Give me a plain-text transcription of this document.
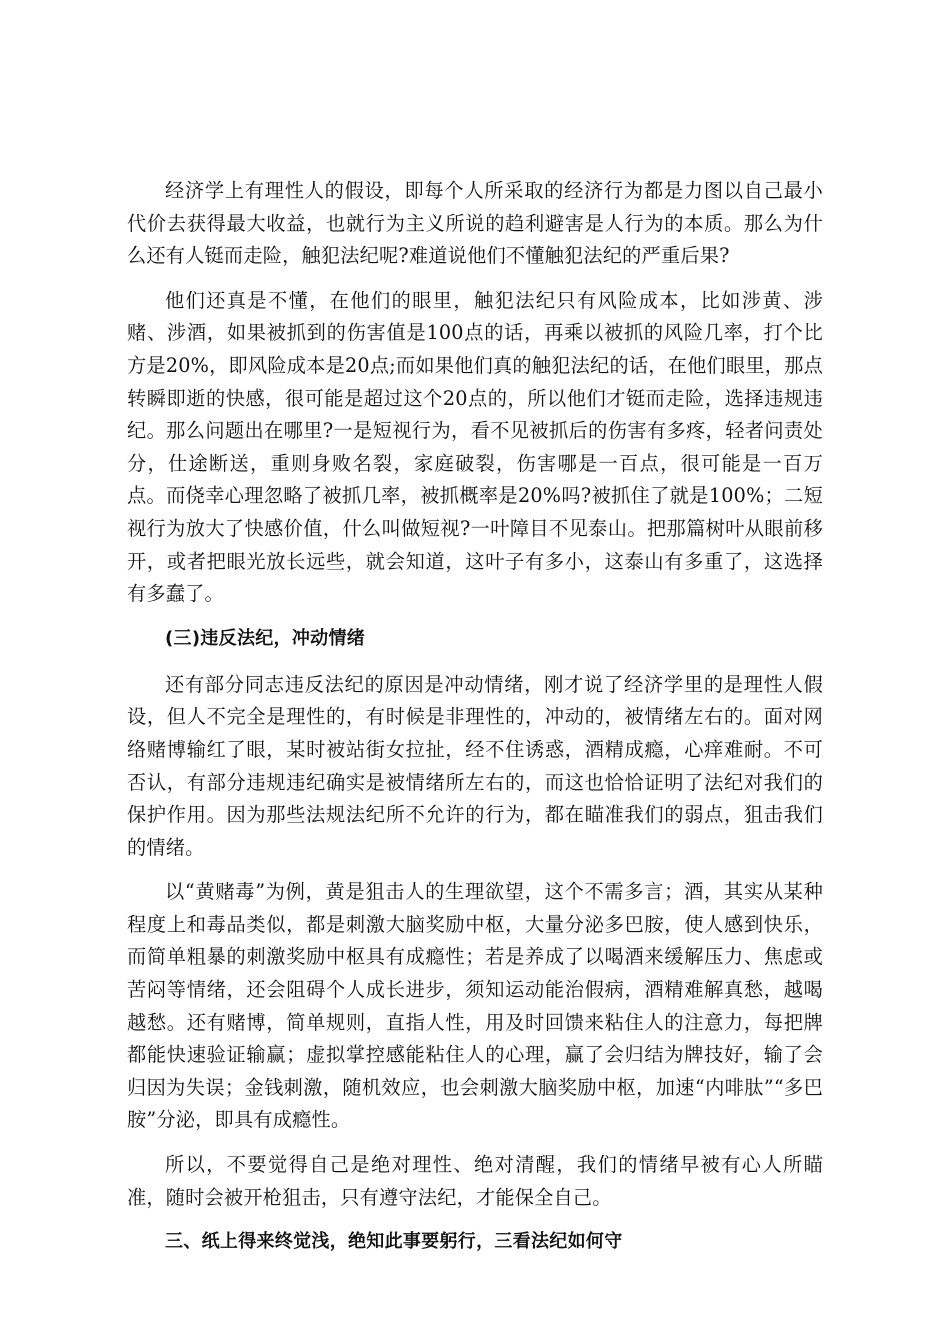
经济学上有理性人的假设，即每个人所采取的经济行为都是力图以自己最小代价去获得最大收益，也就行为主义所说的趋利避害是人行为的本质。那么为什么还有人铤而走险，触犯法纪呢?难道说他们不懂触犯法纪的严重后果?

他们还真是不懂，在他们的眼里，触犯法纪只有风险成本，比如涉黄、涉赌、涉酒，如果被抓到的伤害值是100点的话，再乘以被抓的风险几率，打个比方是20%，即风险成本是20点;而如果他们真的触犯法纪的话，在他们眼里，那点转瞬即逝的快感，很可能是超过这个20点的，所以他们才铤而走险，选择违规违纪。那么问题出在哪里?一是短视行为，看不见被抓后的伤害有多疼，轻者问责处分，仕途断送，重则身败名裂，家庭破裂，伤害哪是一百点，很可能是一百万点。而侥幸心理忽略了被抓几率，被抓概率是20%吗?被抓住了就是100%；二短视行为放大了快感价值，什么叫做短视?一叶障目不见泰山。把那篇树叶从眼前移开，或者把眼光放长远些，就会知道，这叶子有多小，这泰山有多重了，这选择有多蠢了。

(三)违反法纪，冲动情绪

还有部分同志违反法纪的原因是冲动情绪，刚才说了经济学里的是理性人假设，但人不完全是理性的，有时候是非理性的，冲动的，被情绪左右的。面对网络赌博输红了眼，某时被站街女拉扯，经不住诱惑，酒精成瘾，心痒难耐。不可否认，有部分违规违纪确实是被情绪所左右的，而这也恰恰证明了法纪对我们的保护作用。因为那些法规法纪所不允许的行为，都在瞄准我们的弱点，狙击我们的情绪。

以“黄赌毒”为例，黄是狙击人的生理欲望，这个不需多言；酒，其实从某种程度上和毒品类似，都是刺激大脑奖励中枢，大量分泌多巴胺，使人感到快乐，而简单粗暴的刺激奖励中枢具有成瘾性；若是养成了以喝酒来缓解压力、焦虑或苦闷等情绪，还会阻碍个人成长进步，须知运动能治假病，酒精难解真愁，越喝越愁。还有赌博，简单规则，直指人性，用及时回馈来粘住人的注意力，每把牌都能快速验证输赢；虚拟掌控感能粘住人的心理，赢了会归结为牌技好，输了会归因为失误；金钱刺激，随机效应，也会刺激大脑奖励中枢，加速“内啡肽”“多巴胺”分泌，即具有成瘾性。

所以，不要觉得自己是绝对理性、绝对清醒，我们的情绪早被有心人所瞄准，随时会被开枪狙击，只有遵守法纪，才能保全自己。

三、纸上得来终觉浅，绝知此事要躬行，三看法纪如何守
